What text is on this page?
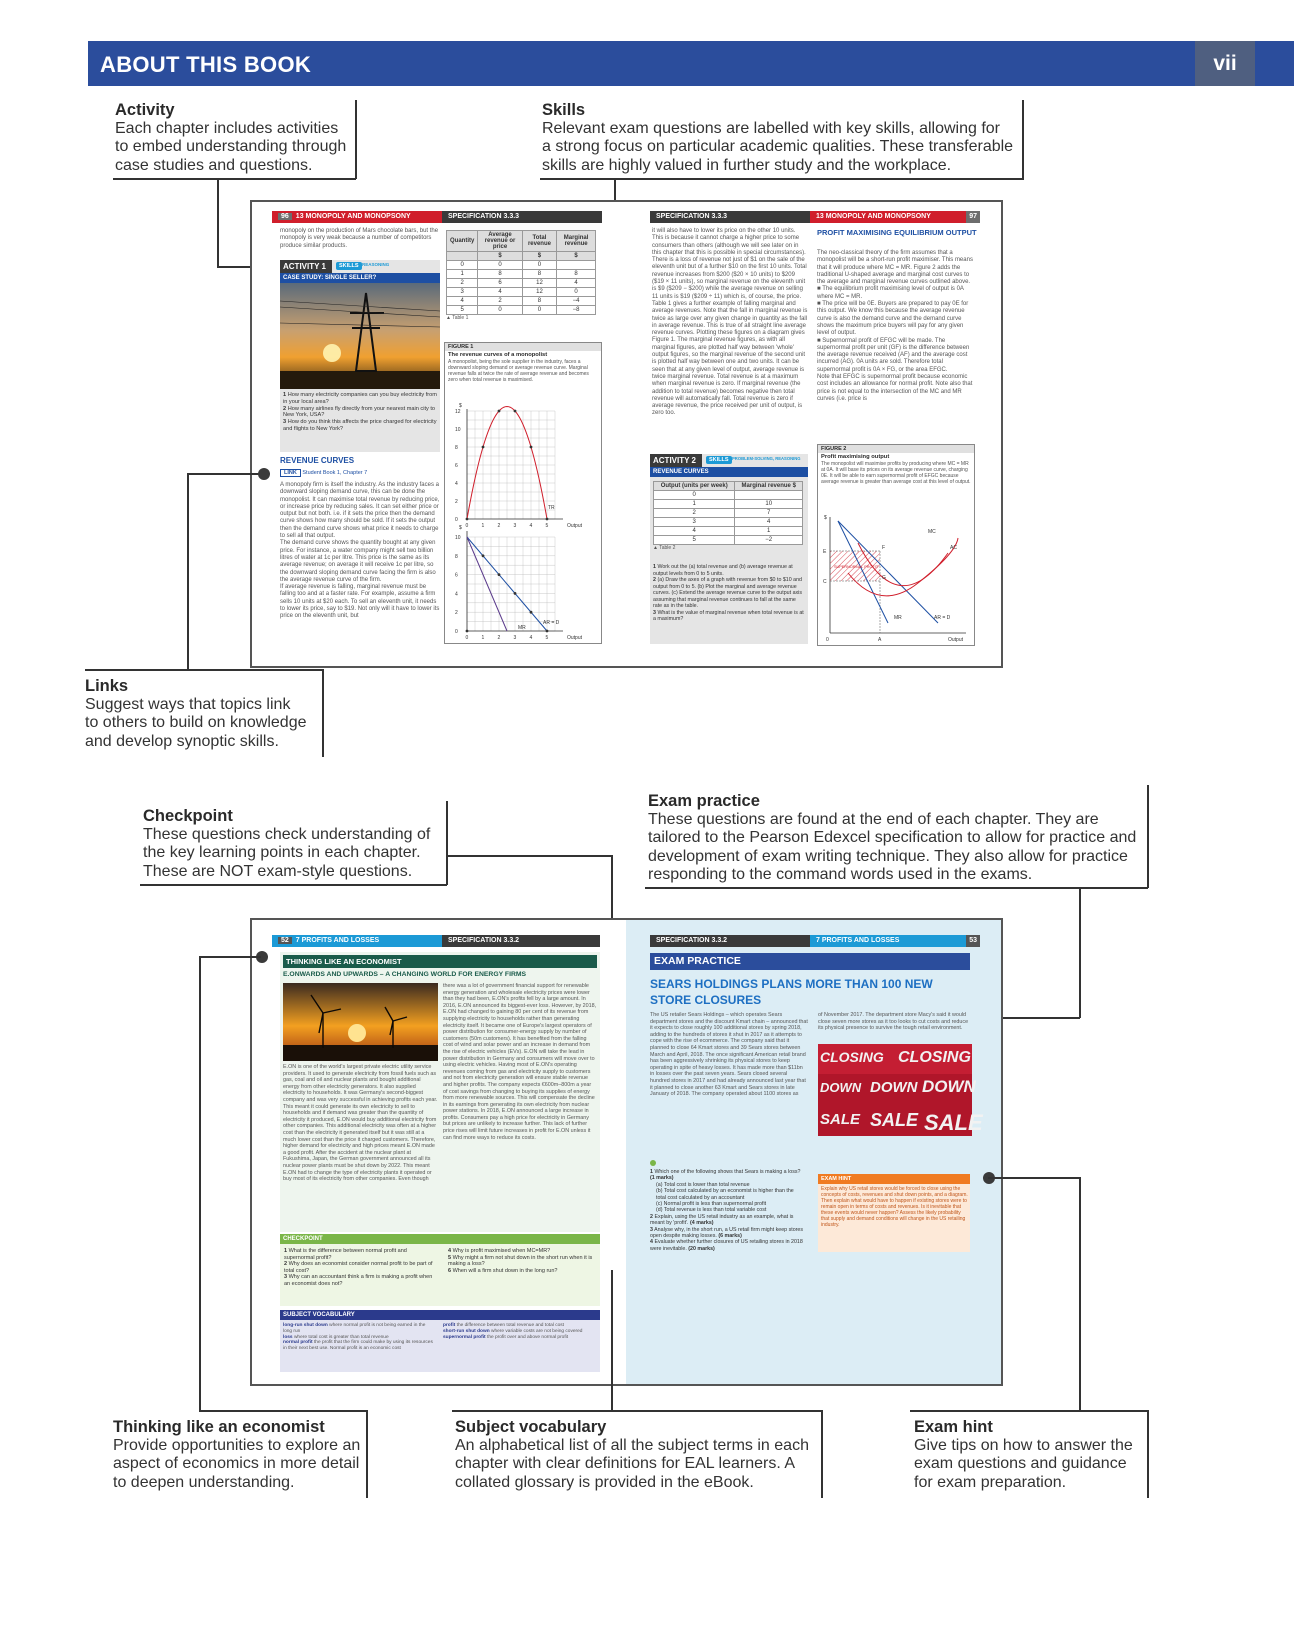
ABOUT THIS BOOK	vii
Activity
Each chapter includes activities
to embed understanding through
case studies and questions.
Skills
Relevant exam questions are labelled with key skills, allowing for
a strong focus on particular academic qualities. These transferable
skills are highly valued in further study and the workplace.
96 13 MONOPOLY AND MONOPSONY	SPECIFICATION 3.3.3
monopoly on the production of Mars chocolate bars, but the monopoly is very weak because a number of competitors produce similar products.
ACTIVITY 1	SKILLS REASONING
CASE STUDY: SINGLE SELLER?
1 How many electricity companies can you buy electricity from in your local area?
2 How many airlines fly directly from your nearest main city to New York, USA?
3 How do you think this affects the price charged for electricity and flights to New York?
REVENUE CURVES
LINK Student Book 1, Chapter 7
A monopoly firm is itself the industry. As the industry faces a downward sloping demand curve, this can be done the monopolist. It can maximise total revenue by reducing price, or increase price by reducing sales. It can set either price or output but not both. i.e. if it sets the price then the demand curve shows how many should be sold. If it sets the output then the demand curve shows what price it needs to charge to sell all that output.
The demand curve shows the quantity bought at any given price. For instance, a water company might sell two billion litres of water at 1c per litre. This price is the same as its average revenue; on average it will receive 1c per litre, so the downward sloping demand curve facing the firm is also the average revenue curve of the firm.
If average revenue is falling, marginal revenue must be falling too and at a faster rate. For example, assume a firm sells 10 units at $20 each. To sell an eleventh unit, it needs to lower its price, say to $19. Not only will it have to lower its price on the eleventh unit, but
Quantity	Average revenue or price	Total revenue	Marginal revenue
	$	$	$
0	0	0	
1	8	8	8
2	6	12	4
3	4	12	0
4	2	8	−4
5	0	0	−8
▲ Table 1
FIGURE 1
The revenue curves of a monopolist
A monopolist, being the sole supplier in the industry, faces a downward sloping demand or average revenue curve. Marginal revenue falls at twice the rate of average revenue and becomes zero when total revenue is maximised.
$
$	Output
Output
TR
AR = D
MR
12
10
8
6
4
2
0
10
8
6
4
2
0
0
0
1
1
2
2
3
3
4
4
5
5
SPECIFICATION 3.3.3	13 MONOPOLY AND MONOPSONY	97
it will also have to lower its price on the other 10 units. This is because it cannot charge a higher price to some consumers than others (although we will see later on in this chapter that this is possible in special circumstances). There is a loss of revenue not just of $1 on the sale of the eleventh unit but of a further $10 on the first 10 units. Total revenue increases from $200 ($20 × 10 units) to $209 ($19 × 11 units), so marginal revenue on the eleventh unit is $9 ($209 − $200) while the average revenue on selling 11 units is $19 ($209 ÷ 11) which is, of course, the price.
Table 1 gives a further example of falling marginal and average revenues. Note that the fall in marginal revenue is twice as large over any given change in quantity as the fall in average revenue. This is true of all straight line average revenue curves. Plotting these figures on a diagram gives Figure 1. The marginal revenue figures, as with all marginal figures, are plotted half way between 'whole' output figures, so the marginal revenue of the second unit is plotted half way between one and two units. It can be seen that at any given level of output, average revenue is twice marginal revenue. Total revenue is at a maximum when marginal revenue is zero. If marginal revenue (the addition to total revenue) becomes negative then total revenue will automatically fall. Total revenue is zero if average revenue, the price received per unit of output, is zero too.
ACTIVITY 2	SKILLS PROBLEM-SOLVING, REASONING
REVENUE CURVES
Output (units per week)	Marginal revenue $
0	
1	10
2	7
3	4
4	1
5	−2
▲ Table 2
1 Work out the (a) total revenue and (b) average revenue at output levels from 0 to 5 units.
2 (a) Draw the axes of a graph with revenue from $0 to $10 and output from 0 to 5. (b) Plot the marginal and average revenue curves. (c) Extend the average revenue curve to the output axis assuming that marginal revenue continues to fall at the same rate as in the table.
3 What is the value of marginal revenue when total revenue is at a maximum?
PROFIT MAXIMISING EQUILIBRIUM OUTPUT
The neo-classical theory of the firm assumes that a monopolist will be a short-run profit maximiser. This means that it will produce where MC = MR. Figure 2 adds the traditional U-shaped average and marginal cost curves to the average and marginal revenue curves outlined above.
■ The equilibrium profit maximising level of output is 0A where MC = MR.
■ The price will be 0E. Buyers are prepared to pay 0E for this output. We know this because the average revenue curve is also the demand curve and the demand curve shows the maximum price buyers will pay for any given level of output.
■ Supernormal profit of EFGC will be made. The supernormal profit per unit (GF) is the difference between the average revenue received (AF) and the average cost incurred (AG). 0A units are sold. Therefore total supernormal profit is 0A × FG, or the area EFGC.
Note that EFGC is supernormal profit because economic cost includes an allowance for normal profit. Note also that price is not equal to the intersection of the MC and MR curves (i.e. price is
FIGURE 2
Profit maximising output
The monopolist will maximise profits by producing where MC = MR at 0A. It will base its prices on its average revenue curve, charging 0E. It will be able to earn supernormal profit of EFGC because average revenue is greater than average cost at this level of output.
$
Output
MC
AC
MR	AR = D
E
C
F
G
A
0
SUPERNORMAL PROFIT
Links
Suggest ways that topics link
to others to build on knowledge
and develop synoptic skills.
Checkpoint
These questions check understanding of
the key learning points in each chapter.
These are NOT exam-style questions.
Exam practice
These questions are found at the end of each chapter. They are
tailored to the Pearson Edexcel specification to allow for practice and
development of exam writing technique. They also allow for practice
responding to the command words used in the exams.
52 7 PROFITS AND LOSSES	SPECIFICATION 3.3.2
THINKING LIKE AN ECONOMIST
E.ONWARDS AND UPWARDS – A CHANGING WORLD FOR ENERGY FIRMS
E.ON is one of the world's largest private electric utility service providers. It used to generate electricity from fossil fuels such as gas, coal and oil and nuclear plants and bought additional energy from other electricity generators. It also supplied electricity to households. It was Germany's second-biggest company and was very successful in achieving profits each year. This meant it could generate its own electricity to sell to households and if demand was greater than the quantity of electricity it produced, E.ON would buy additional electricity from other companies. This additional electricity was often at a higher cost than the electricity it generated itself but it was still at a much lower cost than the price it charged customers. Therefore, higher demand for electricity and high prices meant E.ON made a good profit. After the accident at the nuclear plant at Fukushima, Japan, the German government announced all its nuclear power plants must be shut down by 2022. This meant E.ON had to change the type of electricity plants it operated or buy most of its electricity from other companies. Even though
there was a lot of government financial support for renewable energy generation and wholesale electricity prices were lower than they had been, E.ON's profits fell by a large amount. In 2016, E.ON announced its biggest-ever loss. However, by 2018, E.ON had changed to gaining 80 per cent of its revenue from supplying electricity to households rather than generating electricity itself. It became one of Europe's largest operators of power distribution for consumer-energy supply by number of customers (50m customers). It has benefited from the falling cost of wind and solar power and an increase in demand from the rise of electric vehicles (EVs). E.ON will take the lead in power distribution in Germany and consumers will move over to using electric vehicles. Having most of E.ON's operating revenues coming from gas and electricity supply to customers and not from electricity generation will ensure stable revenue and higher profits. The company expects €600m–800m a year of cost savings from changing to buying its supplies of energy from more renewable sources. This will compensate the decline in its earnings from generating its own electricity from nuclear power stations. In 2018, E.ON announced a large increase in profits. Consumers pay a high price for electricity in Germany but prices are unlikely to increase further. This lack of further price rises will limit future increases in profit for E.ON unless it can find more ways to reduce its costs.
CHECKPOINT
1 What is the difference between normal profit and supernormal profit?
2 Why does an economist consider normal profit to be part of total cost?
3 Why can an accountant think a firm is making a profit when an economist does not?
4 Why is profit maximised when MC=MR?
5 Why might a firm not shut down in the short run when it is making a loss?
6 When will a firm shut down in the long run?
SUBJECT VOCABULARY
long-run shut down where normal profit is not being earned in the long run
loss where total cost is greater than total revenue
normal profit the profit that the firm could make by using its resources in their next best use. Normal profit is an economic cost
profit the difference between total revenue and total cost
short-run shut down where variable costs are not being covered
supernormal profit the profit over and above normal profit
SPECIFICATION 3.3.2	7 PROFITS AND LOSSES	53
EXAM PRACTICE
SEARS HOLDINGS PLANS MORE THAN 100 NEW STORE CLOSURES
The US retailer Sears Holdings – which operates Sears department stores and the discount Kmart chain – announced that it expects to close roughly 100 additional stores by spring 2018, adding to the hundreds of stores it shut in 2017 as it attempts to cope with the rise of ecommerce. The company said that it planned to close 64 Kmart stores and 39 Sears stores between March and April, 2018. The once significant American retail brand has been aggressively shrinking its physical stores to keep operating in spite of heavy losses. It has made more than $11bn in losses over the past seven years. Sears closed several hundred stores in 2017 and had already announced last year that it planned to close another 63 Kmart and Sears stores in late January of 2018. The company operated about 1100 stores as
of November 2017. The department store Macy's said it would close seven more stores as it too looks to cut costs and reduce its physical presence to survive the tough retail environment.
CLOSING CLOSING
DOWN DOWN DOWN
SALE SALE SALE
1 Which one of the following shows that Sears is making a loss? (1 marks)
(a) Total cost is lower than total revenue
(b) Total cost calculated by an economist is higher than the total cost calculated by an accountant
(c) Normal profit is less than supernormal profit
(d) Total revenue is less than total variable cost
2 Explain, using the US retail industry as an example, what is meant by 'profit'. (4 marks)
3 Analyse why, in the short run, a US retail firm might keep stores open despite making losses. (6 marks)
4 Evaluate whether further closures of US retailing stores in 2018 were inevitable. (20 marks)
EXAM HINT
Explain why US retail stores would be forced to close using the concepts of costs, revenues and shut down points, and a diagram. Then explain what would have to happen if existing stores were to remain open in terms of costs and revenues. Is it inevitable that these events would never happen? Assess the likely probability that supply and demand conditions will change in the US retailing industry.
Thinking like an economist
Provide opportunities to explore an
aspect of economics in more detail
to deepen understanding.
Subject vocabulary
An alphabetical list of all the subject terms in each
chapter with clear definitions for EAL learners. A
collated glossary is provided in the eBook.
Exam hint
Give tips on how to answer the
exam questions and guidance
for exam preparation.
